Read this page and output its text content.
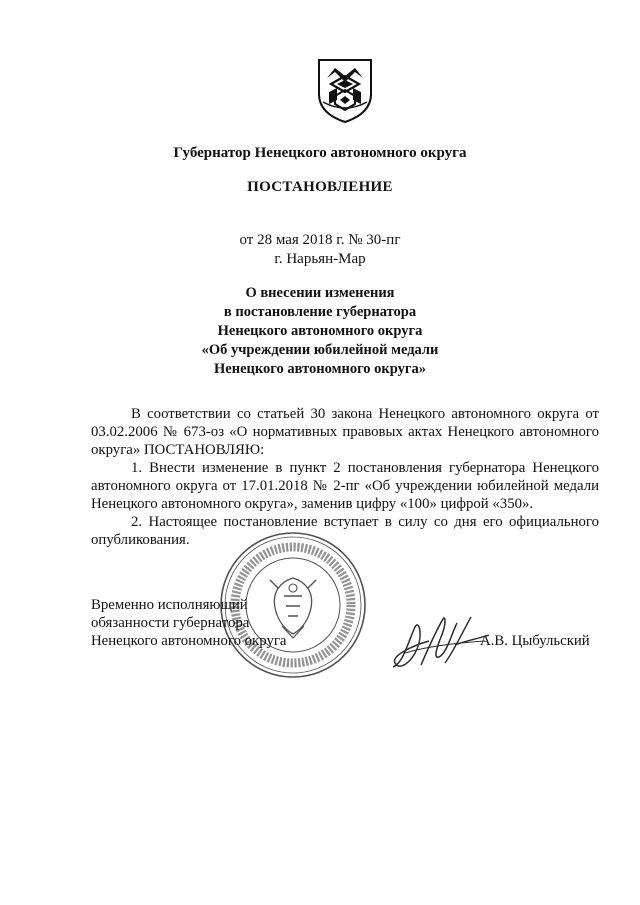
Губернатор Ненецкого автономного округа
ПОСТАНОВЛЕНИЕ
от 28 мая 2018 г. № 30-пг
г. Нарьян-Мар
О внесении изменения
в постановление губернатора
Ненецкого автономного округа
«Об учреждении юбилейной медали
Ненецкого автономного округа»

В соответствии со статьей 30 закона Ненецкого автономного округа от 03.02.2006 № 673-оз «О нормативных правовых актах Ненецкого автономного округа» ПОСТАНОВЛЯЮ:

1. Внести изменение в пункт 2 постановления губернатора Ненецкого автономного округа от 17.01.2018 № 2-пг «Об учреждении юбилейной медали Ненецкого автономного округа», заменив цифру «100» цифрой «350».

2. Настоящее постановление вступает в силу со дня его официального опубликования.

Временно исполняющий
обязанности губернатора
Ненецкого автономного округа	А.В. Цыбульский
